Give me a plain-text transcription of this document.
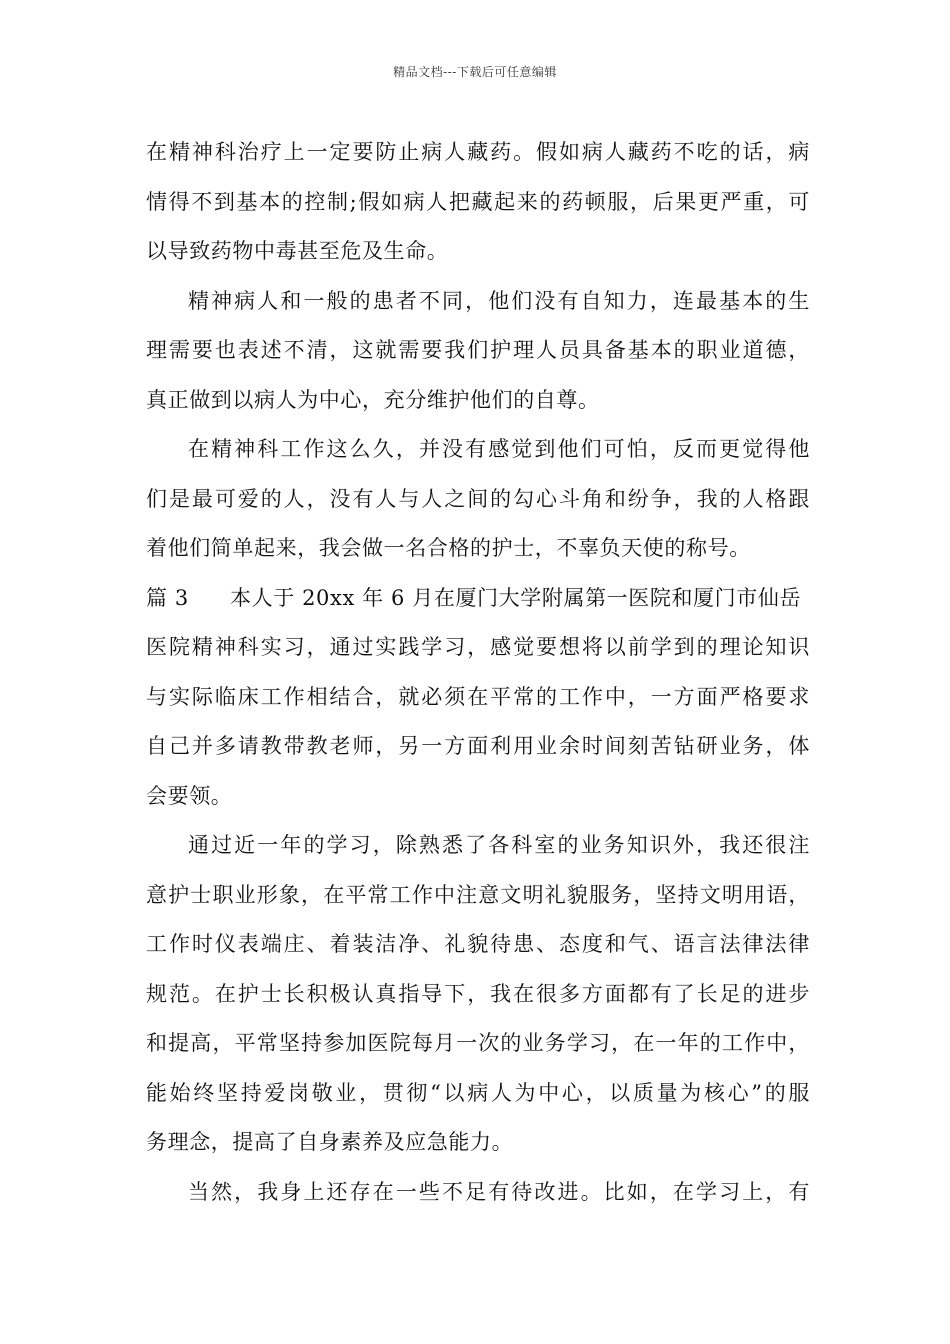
精品文档---下载后可任意编辑
在精神科治疗上一定要防止病人藏药。假如病人藏药不吃的话，病
情得不到基本的控制;假如病人把藏起来的药顿服，后果更严重，可
以导致药物中毒甚至危及生命。
精神病人和一般的患者不同，他们没有自知力，连最基本的生
理需要也表述不清，这就需要我们护理人员具备基本的职业道德，
真正做到以病人为中心，充分维护他们的自尊。
在精神科工作这么久，并没有感觉到他们可怕，反而更觉得他
们是最可爱的人，没有人与人之间的勾心斗角和纷争，我的人格跟
着他们简单起来，我会做一名合格的护士，不辜负天使的称号。
篇 3 本人于 20xx 年 6 月在厦门大学附属第一医院和厦门市仙岳
医院精神科实习，通过实践学习，感觉要想将以前学到的理论知识
与实际临床工作相结合，就必须在平常的工作中，一方面严格要求
自己并多请教带教老师，另一方面利用业余时间刻苦钻研业务，体
会要领。
通过近一年的学习，除熟悉了各科室的业务知识外，我还很注
意护士职业形象，在平常工作中注意文明礼貌服务，坚持文明用语，
工作时仪表端庄、着装洁净、礼貌待患、态度和气、语言法律法律
规范。在护士长积极认真指导下，我在很多方面都有了长足的进步
和提高，平常坚持参加医院每月一次的业务学习，在一年的工作中，
能始终坚持爱岗敬业，贯彻“以病人为中心，以质量为核心”的服
务理念，提高了自身素养及应急能力。
当然，我身上还存在一些不足有待改进。比如，在学习上，有
